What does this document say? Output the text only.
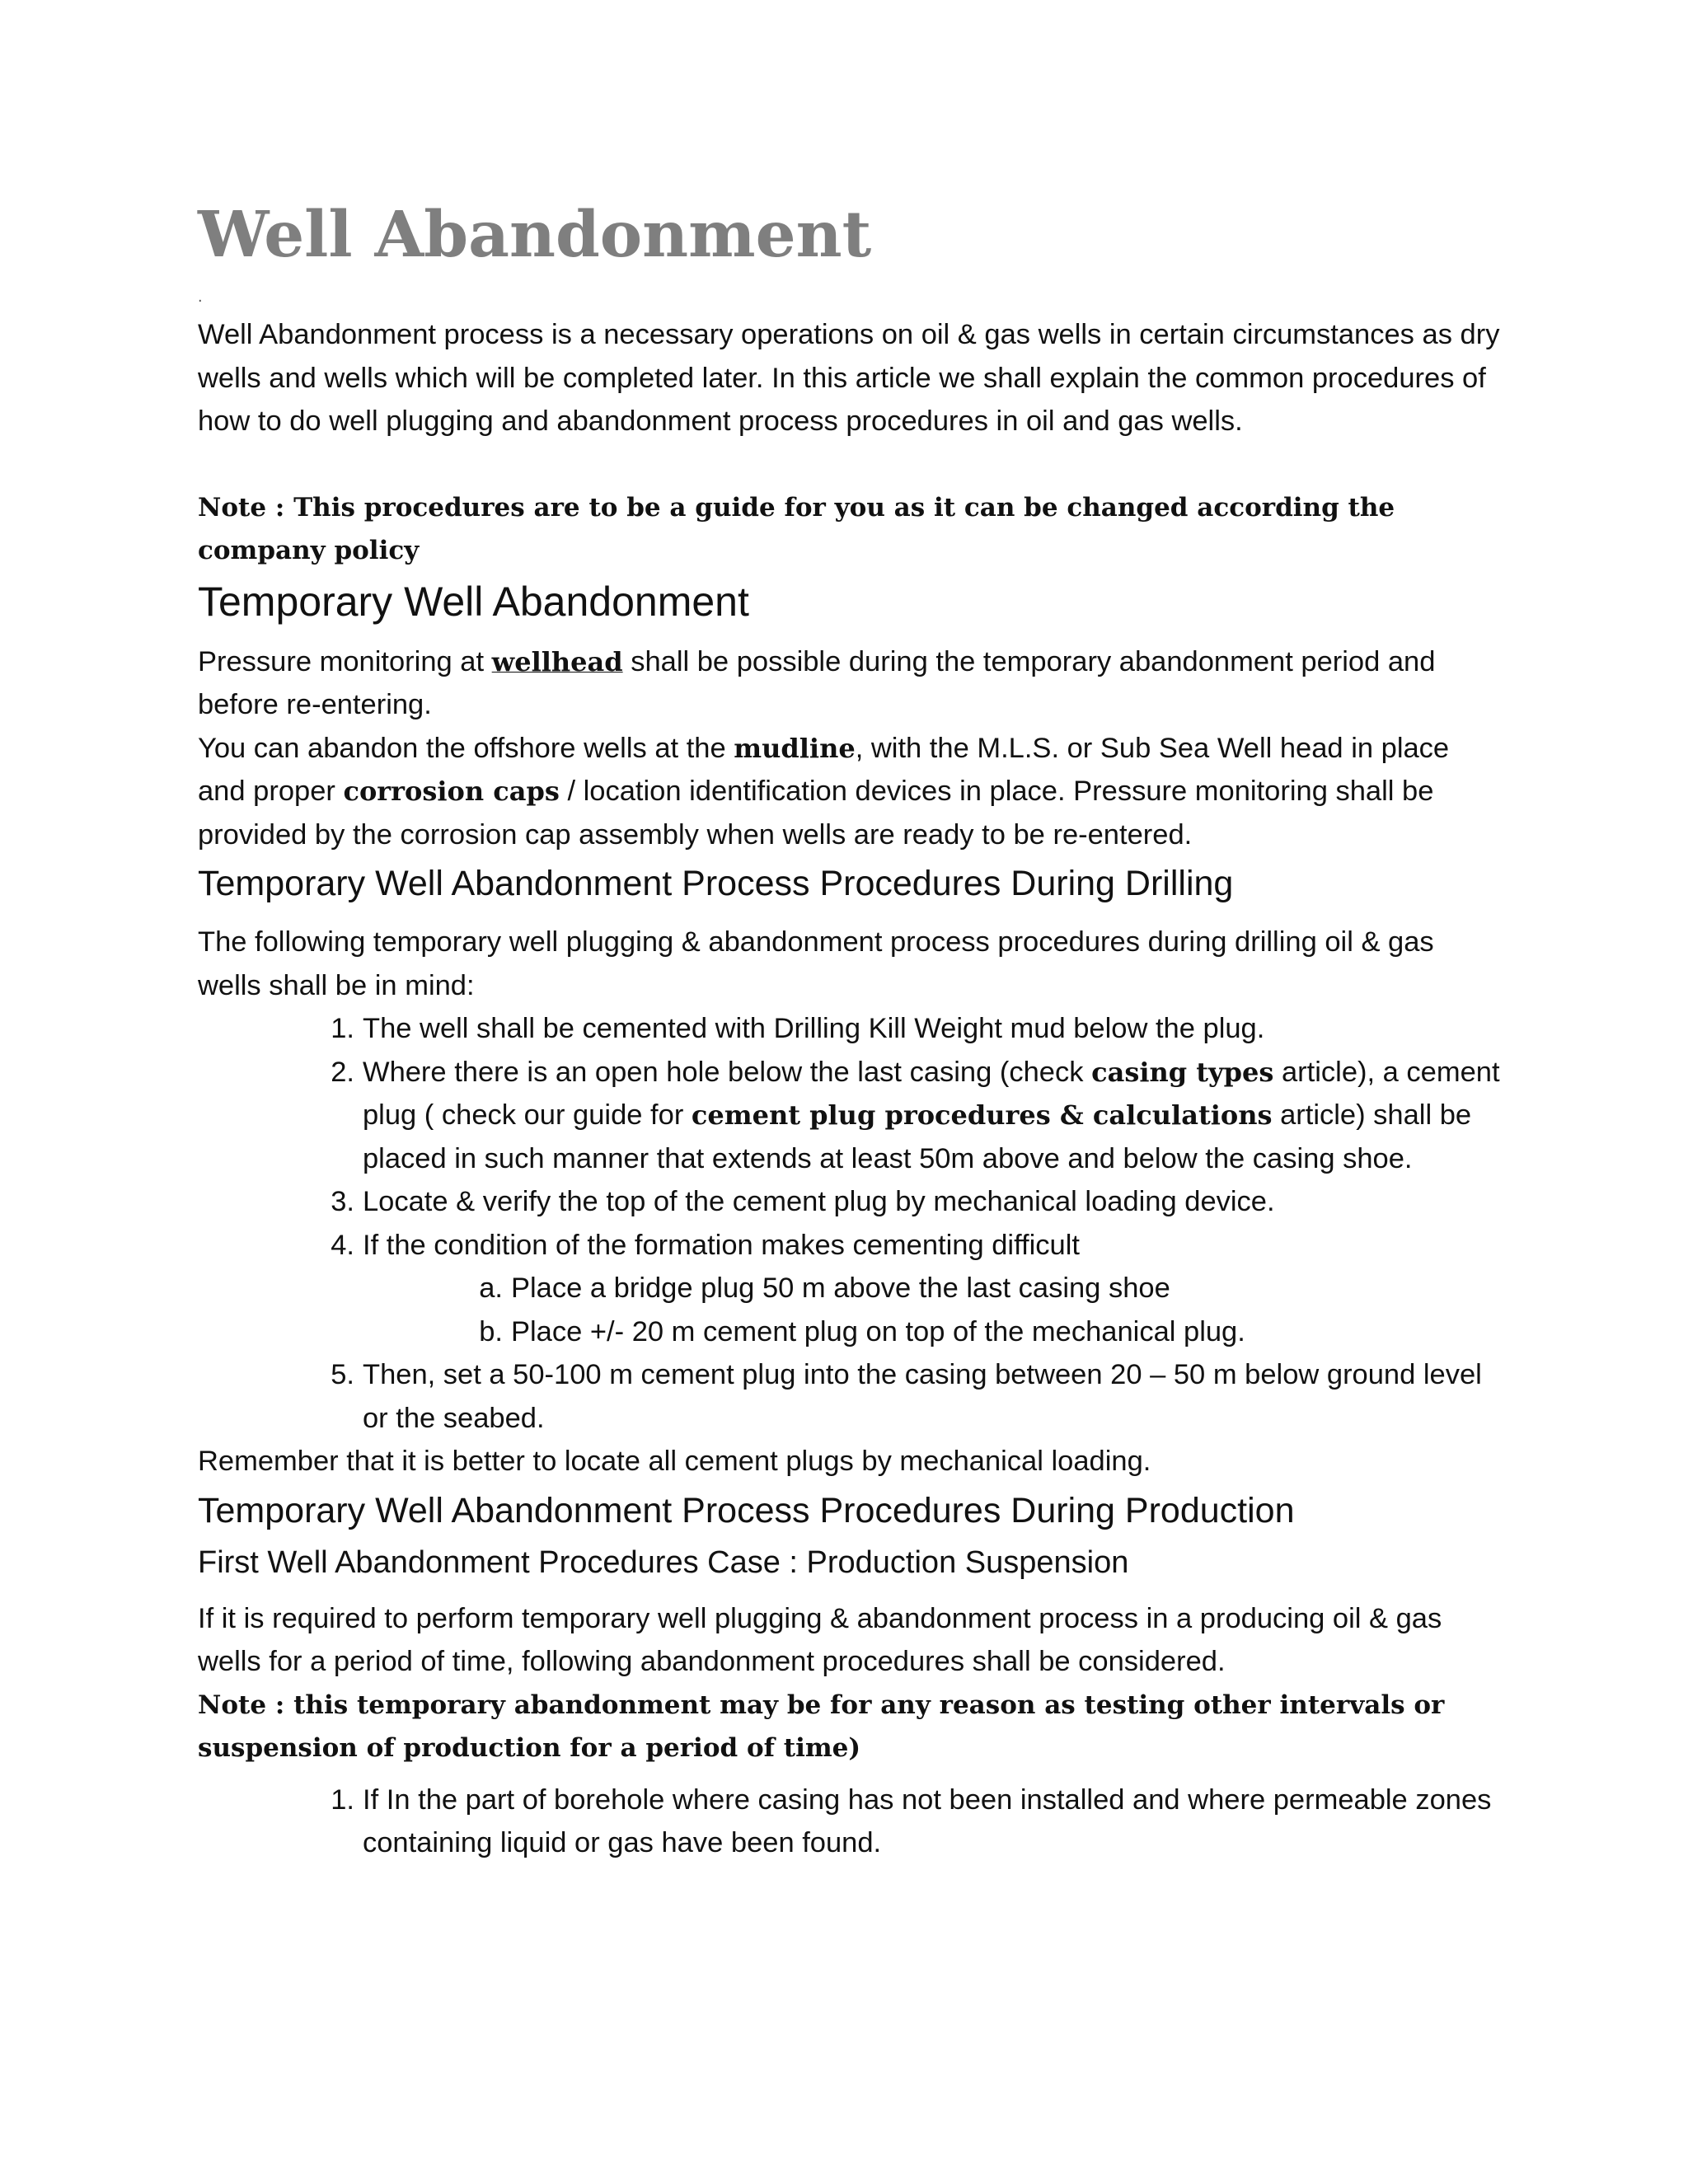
Well Abandonment

.

Well Abandonment process is a necessary operations on oil & gas wells in certain circumstances as dry wells and wells which will be completed later. In this article we shall explain the common procedures of how to do well plugging and abandonment process procedures in oil and gas wells.

Note : This procedures are to be a guide for you as it can be changed according the company policy

Temporary Well Abandonment

Pressure monitoring at wellhead shall be possible during the temporary abandonment period and before re-entering.

You can abandon the offshore wells at the mudline, with the M.L.S. or Sub Sea Well head in place and proper corrosion caps / location identification devices in place. Pressure monitoring shall be provided by the corrosion cap assembly when wells are ready to be re-entered.

Temporary Well Abandonment Process Procedures During Drilling

The following temporary well plugging & abandonment process procedures during drilling oil & gas wells shall be in mind:

1. The well shall be cemented with Drilling Kill Weight mud below the plug.
2. Where there is an open hole below the last casing (check casing types article), a cement plug ( check our guide for cement plug procedures & calculations article) shall be placed in such manner that extends at least 50m above and below the casing shoe.
3. Locate & verify the top of the cement plug by mechanical loading device.
4. If the condition of the formation makes cementing difficult
a. Place a bridge plug 50 m above the last casing shoe
b. Place +/- 20 m cement plug on top of the mechanical plug.
5. Then, set a 50-100 m cement plug into the casing between 20 – 50 m below ground level or the seabed.

Remember that it is better to locate all cement plugs by mechanical loading.

Temporary Well Abandonment Process Procedures During Production
First Well Abandonment Procedures Case : Production Suspension

If it is required to perform temporary well plugging & abandonment process in a producing oil & gas wells for a period of time, following abandonment procedures shall be considered.

Note : this temporary abandonment may be for any reason as testing other intervals or suspension of production for a period of time)

1. If In the part of borehole where casing has not been installed and where permeable zones containing liquid or gas have been found.
